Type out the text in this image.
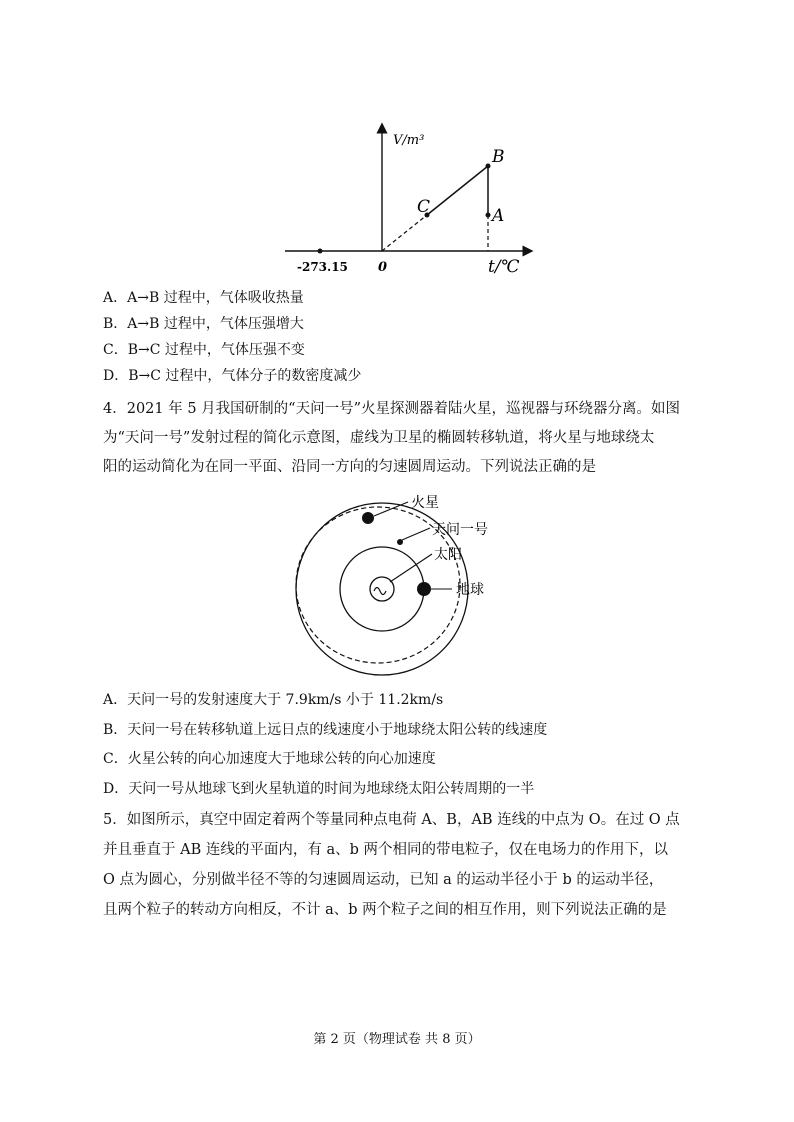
V/m³
B
C	A
-273.15 0	t/℃
A．A→B 过程中，气体吸收热量
B．A→B 过程中，气体压强增大
C．B→C 过程中，气体压强不变
D．B→C 过程中，气体分子的数密度减少
4．2021 年 5 月我国研制的“天问一号”火星探测器着陆火星，巡视器与环绕器分离。如图
为“天问一号”发射过程的简化示意图，虚线为卫星的椭圆转移轨道，将火星与地球绕太
阳的运动简化为在同一平面、沿同一方向的匀速圆周运动。下列说法正确的是
火星
天问一号
太阳
地球
A．天问一号的发射速度大于 7.9km/s 小于 11.2km/s
B．天问一号在转移轨道上远日点的线速度小于地球绕太阳公转的线速度
C．火星公转的向心加速度大于地球公转的向心加速度
D．天问一号从地球飞到火星轨道的时间为地球绕太阳公转周期的一半
5．如图所示，真空中固定着两个等量同种点电荷 A、B，AB 连线的中点为 O。在过 O 点
并且垂直于 AB 连线的平面内，有 a、b 两个相同的带电粒子，仅在电场力的作用下，以
O 点为圆心，分别做半径不等的匀速圆周运动，已知 a 的运动半径小于 b 的运动半径，
且两个粒子的转动方向相反，不计 a、b 两个粒子之间的相互作用，则下列说法正确的是
第 2 页（物理试卷 共 8 页）
